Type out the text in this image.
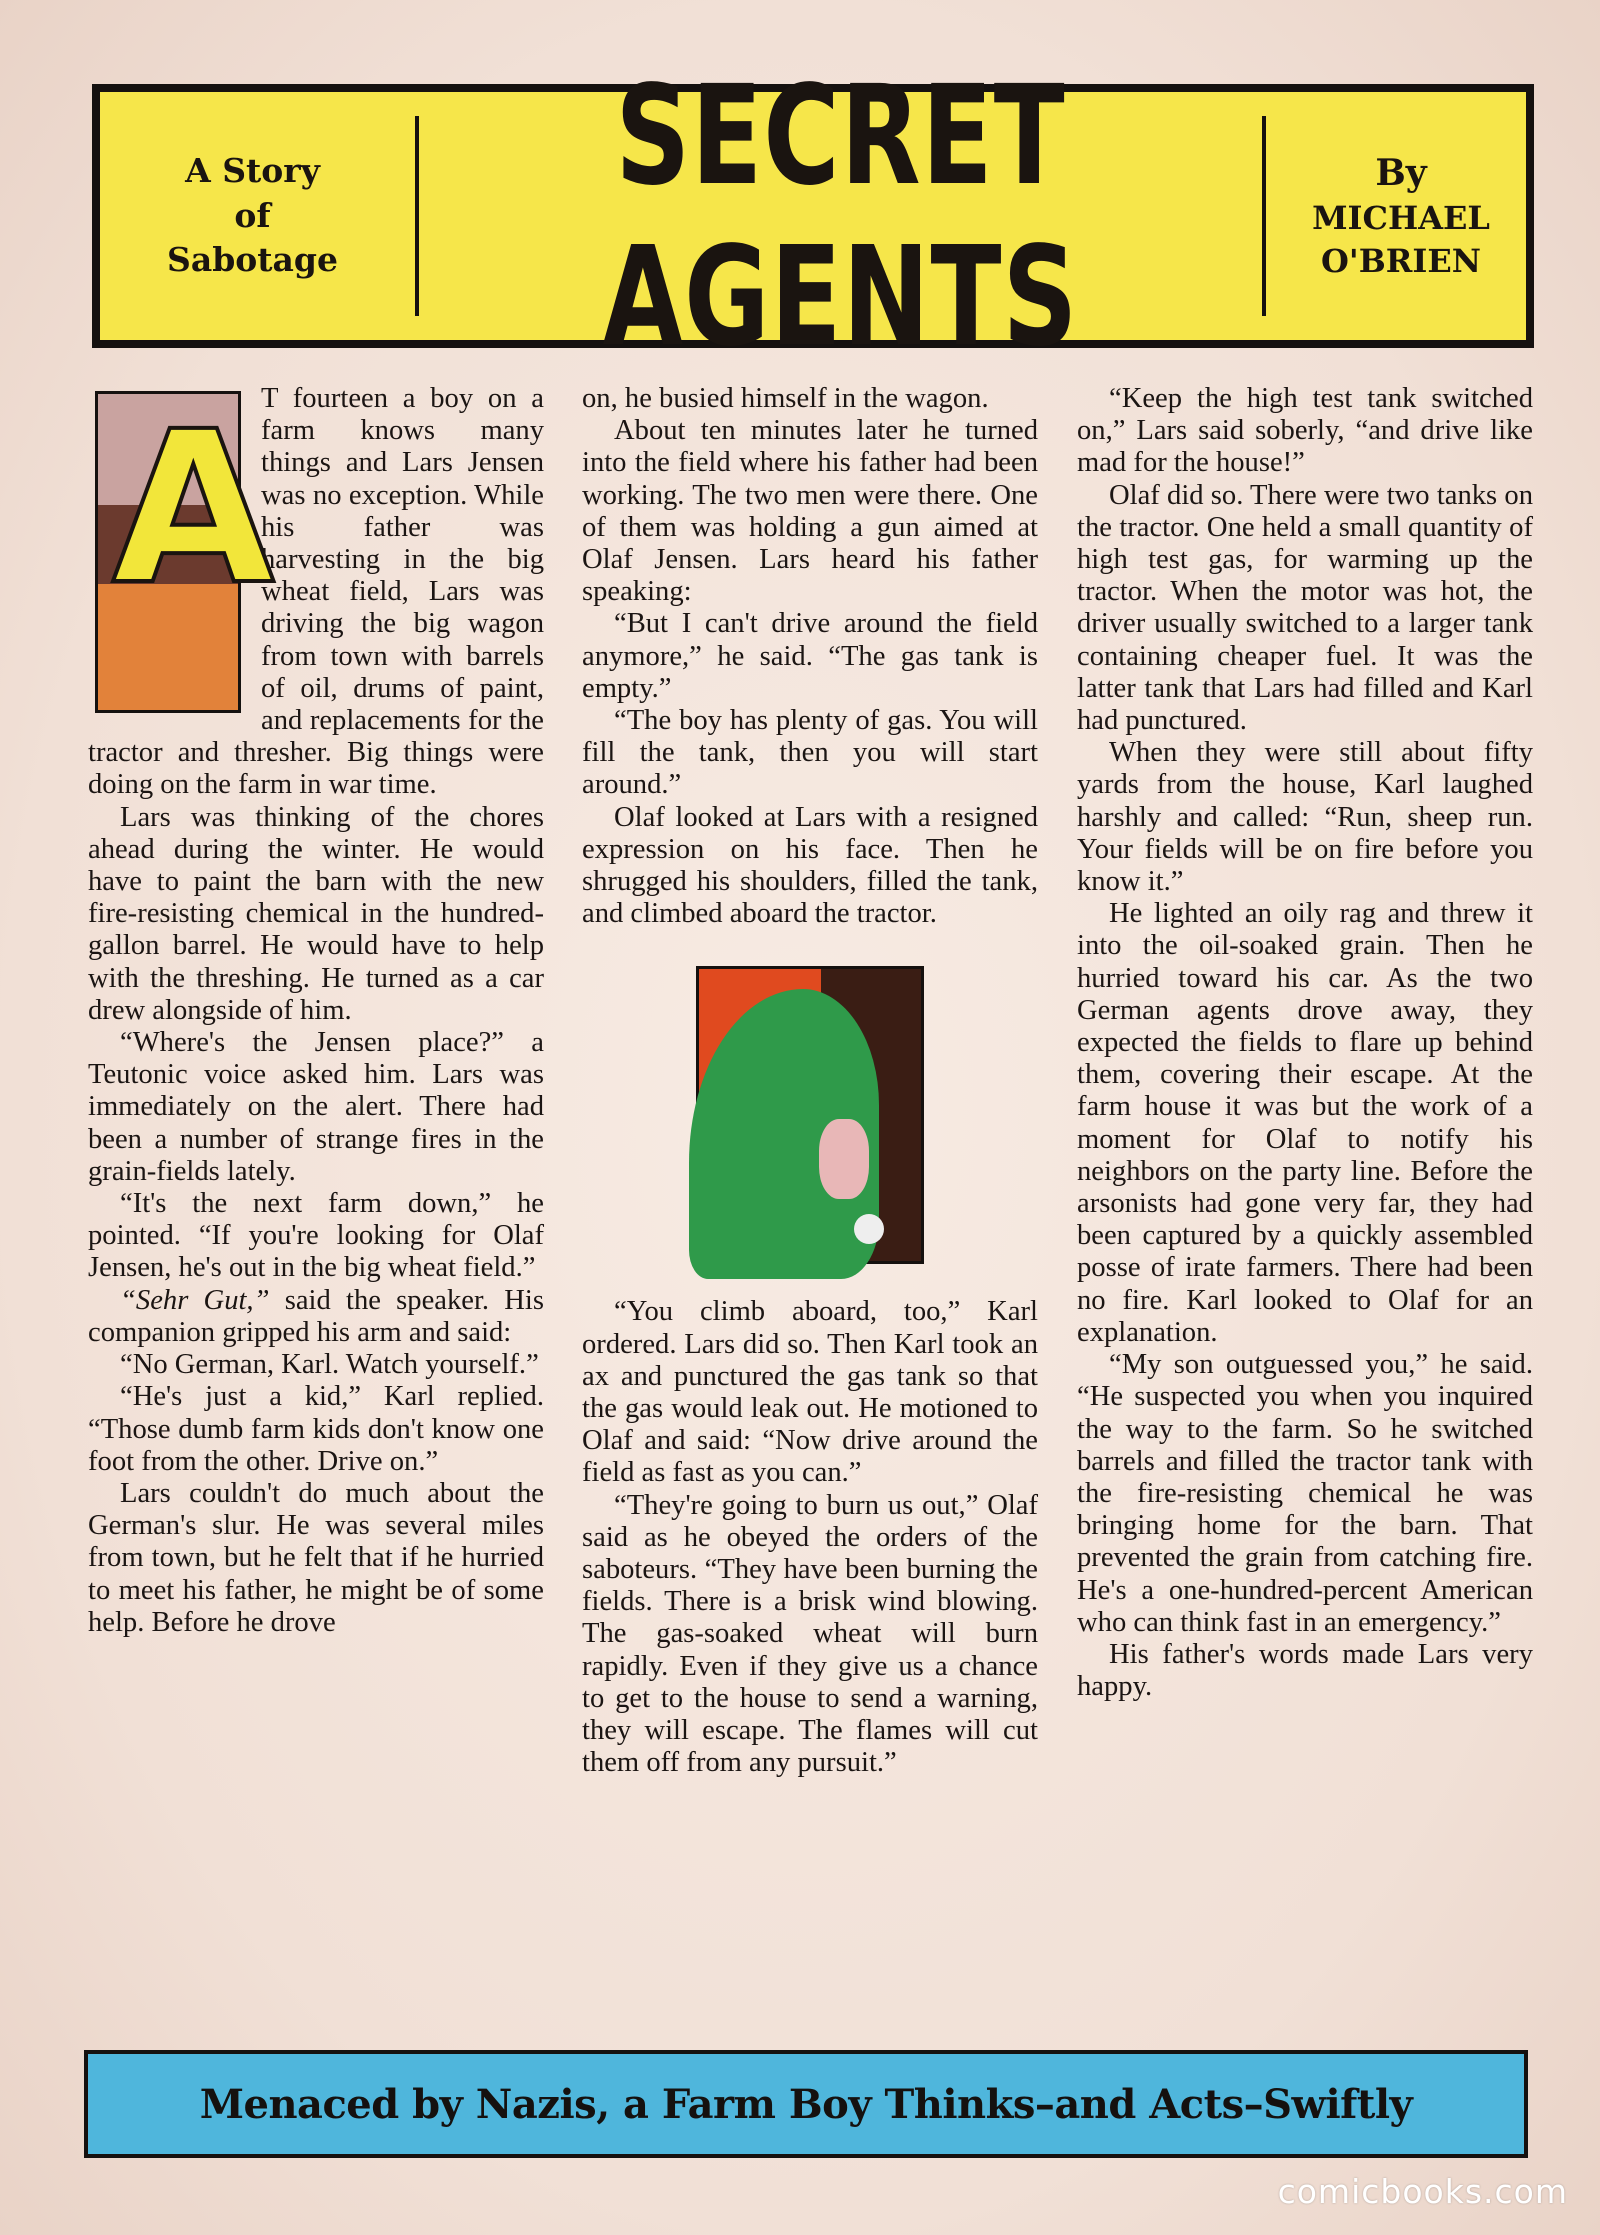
A Story
of
Sabotage
SECRET AGENTS
By
MICHAEL
O'BRIEN
A

T fourteen a boy on a farm knows many things and Lars Jensen was no exception. While his father was harvesting in the big wheat field, Lars was driving the big wagon from town with barrels of oil, drums of paint, and replacements for the tractor and thresher. Big things were doing on the farm in war time.

Lars was thinking of the chores ahead during the winter. He would have to paint the barn with the new fire-resisting chemical in the hundred-gallon barrel. He would have to help with the threshing. He turned as a car drew alongside of him.

“Where's the Jensen place?” a Teutonic voice asked him. Lars was immediately on the alert. There had been a number of strange fires in the grain-fields lately.

“It's the next farm down,” he pointed. “If you're looking for Olaf Jensen, he's out in the big wheat field.”

“Sehr Gut,” said the speaker. His companion gripped his arm and said:

“No German, Karl. Watch yourself.”

“He's just a kid,” Karl replied. “Those dumb farm kids don't know one foot from the other. Drive on.”

Lars couldn't do much about the German's slur. He was several miles from town, but he felt that if he hurried to meet his father, he might be of some help. Before he drove

on, he busied himself in the wagon.

About ten minutes later he turned into the field where his father had been working. The two men were there. One of them was holding a gun aimed at Olaf Jensen. Lars heard his father speaking:

“But I can't drive around the field anymore,” he said. “The gas tank is empty.”

“The boy has plenty of gas. You will fill the tank, then you will start around.”

Olaf looked at Lars with a resigned expression on his face. Then he shrugged his shoulders, filled the tank, and climbed aboard the tractor.

“You climb aboard, too,” Karl ordered. Lars did so. Then Karl took an ax and punctured the gas tank so that the gas would leak out. He motioned to Olaf and said: “Now drive around the field as fast as you can.”

“They're going to burn us out,” Olaf said as he obeyed the orders of the saboteurs. “They have been burning the fields. There is a brisk wind blowing. The gas-soaked wheat will burn rapidly. Even if they give us a chance to get to the house to send a warning, they will escape. The flames will cut them off from any pursuit.”

“Keep the high test tank switched on,” Lars said soberly, “and drive like mad for the house!”

Olaf did so. There were two tanks on the tractor. One held a small quantity of high test gas, for warming up the tractor. When the motor was hot, the driver usually switched to a larger tank containing cheaper fuel. It was the latter tank that Lars had filled and Karl had punctured.

When they were still about fifty yards from the house, Karl laughed harshly and called: “Run, sheep run. Your fields will be on fire before you know it.”

He lighted an oily rag and threw it into the oil-soaked grain. Then he hurried toward his car. As the two German agents drove away, they expected the fields to flare up behind them, covering their escape. At the farm house it was but the work of a moment for Olaf to notify his neighbors on the party line. Before the arsonists had gone very far, they had been captured by a quickly assembled posse of irate farmers. There had been no fire. Karl looked to Olaf for an explanation.

“My son outguessed you,” he said. “He suspected you when you inquired the way to the farm. So he switched barrels and filled the tractor tank with the fire-resisting chemical he was bringing home for the barn. That prevented the grain from catching fire. He's a one-hundred-percent American who can think fast in an emergency.”

His father's words made Lars very happy.

Menaced by Nazis, a Farm Boy Thinks–and Acts–Swiftly
comicbooks.com
